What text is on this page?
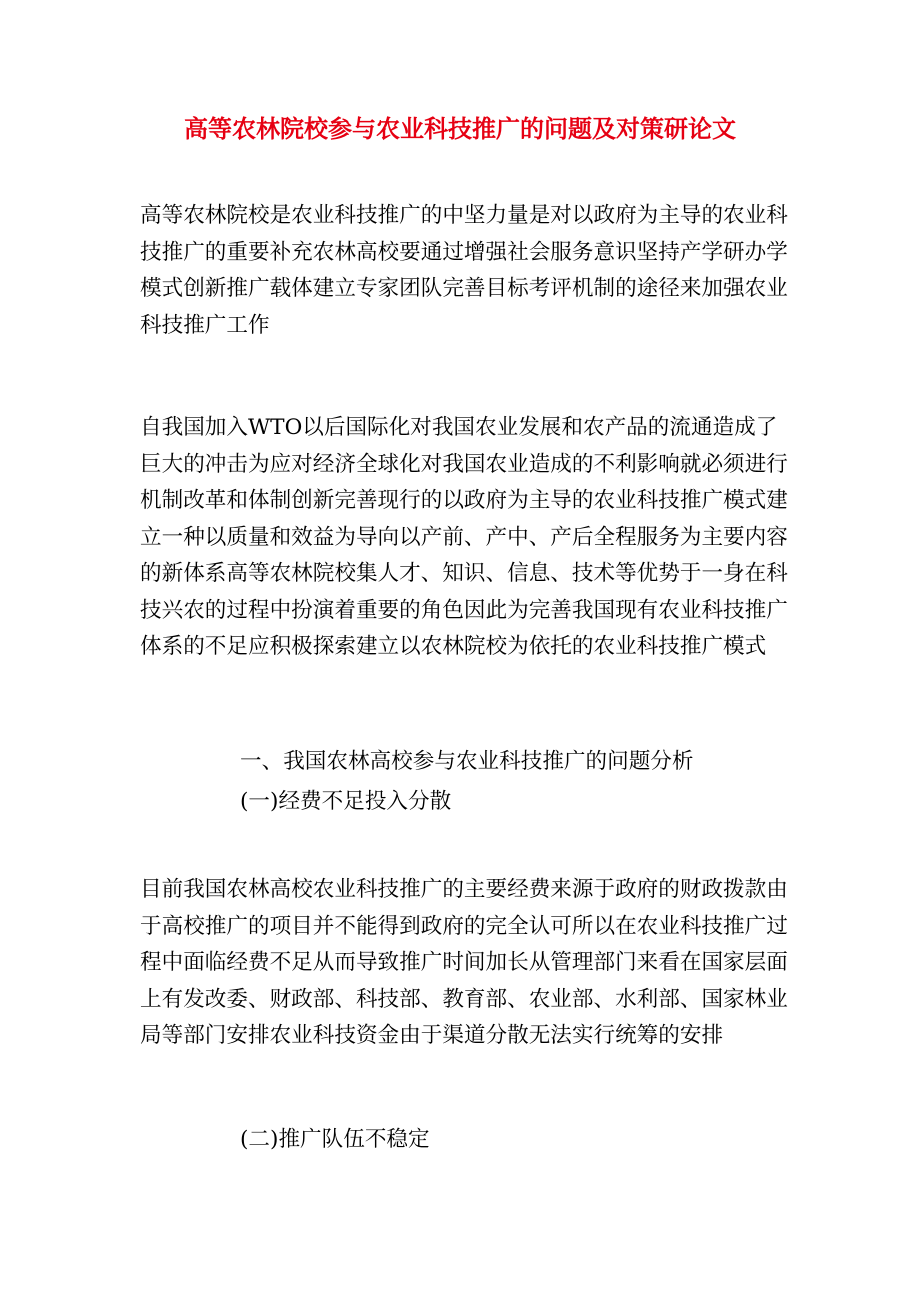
高等农林院校参与农业科技推广的问题及对策研论文

高等农林院校是农业科技推广的中坚力量是对以政府为主导的农业科技推广的重要补充农林高校要通过增强社会服务意识坚持产学研办学模式创新推广载体建立专家团队完善目标考评机制的途径来加强农业科技推广工作

自我国加入WTO以后国际化对我国农业发展和农产品的流通造成了巨大的冲击为应对经济全球化对我国农业造成的不利影响就必须进行机制改革和体制创新完善现行的以政府为主导的农业科技推广模式建立一种以质量和效益为导向以产前、产中、产后全程服务为主要内容的新体系高等农林院校集人才、知识、信息、技术等优势于一身在科技兴农的过程中扮演着重要的角色因此为完善我国现有农业科技推广体系的不足应积极探索建立以农林院校为依托的农业科技推广模式

一、我国农林高校参与农业科技推广的问题分析

(一)经费不足投入分散

目前我国农林高校农业科技推广的主要经费来源于政府的财政拨款由于高校推广的项目并不能得到政府的完全认可所以在农业科技推广过程中面临经费不足从而导致推广时间加长从管理部门来看在国家层面上有发改委、财政部、科技部、教育部、农业部、水利部、国家林业局等部门安排农业科技资金由于渠道分散无法实行统筹的安排

(二)推广队伍不稳定
